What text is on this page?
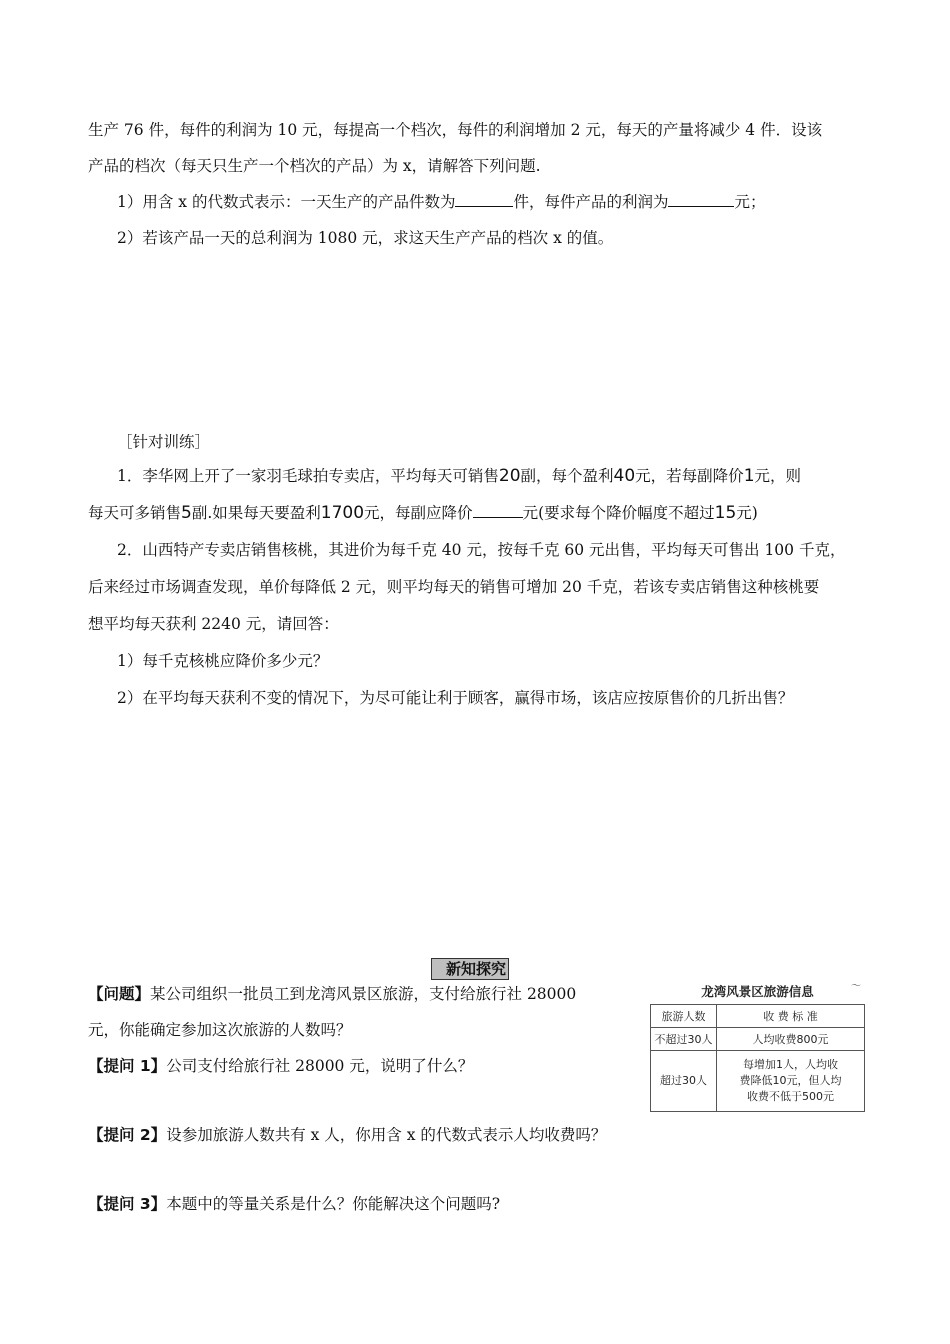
生产 76 件，每件的利润为 10 元，每提高一个档次，每件的利润增加 2 元，每天的产量将减少 4 件．设该
产品的档次（每天只生产一个档次的产品）为 x，请解答下列问题.
1）用含 x 的代数式表示：一天生产的产品件数为	件，每件产品的利润为	元；
2）若该产品一天的总利润为 1080 元，求这天生产产品的档次 x 的值。
［针对训练］
1．李华网上开了一家羽毛球拍专卖店，平均每天可销售20副，每个盈利40元，若每副降价1元，则
每天可多销售5副.如果每天要盈利1700元，每副应降价	元(要求每个降价幅度不超过15元)
2．山西特产专卖店销售核桃，其进价为每千克 40 元，按每千克 60 元出售，平均每天可售出 100 千克，
后来经过市场调查发现，单价每降低 2 元，则平均每天的销售可增加 20 千克，若该专卖店销售这种核桃要
想平均每天获利 2240 元，请回答：
1）每千克核桃应降价多少元？
2）在平均每天获利不变的情况下，为尽可能让利于顾客，赢得市场，该店应按原售价的几折出售？
新知探究
【问题】某公司组织一批员工到龙湾风景区旅游，支付给旅行社 28000
元，你能确定参加这次旅游的人数吗？
【提问 1】公司支付给旅行社 28000 元，说明了什么？
【提问 2】设参加旅游人数共有 x 人，你用含 x 的代数式表示人均收费吗？
【提问 3】本题中的等量关系是什么？你能解决这个问题吗?
龙湾风景区旅游信息	〜
旅游人数	收 费 标 准
不超过30人	人均收费800元
超过30人	每增加1人，人均收
费降低10元，但人均
收费不低于500元
